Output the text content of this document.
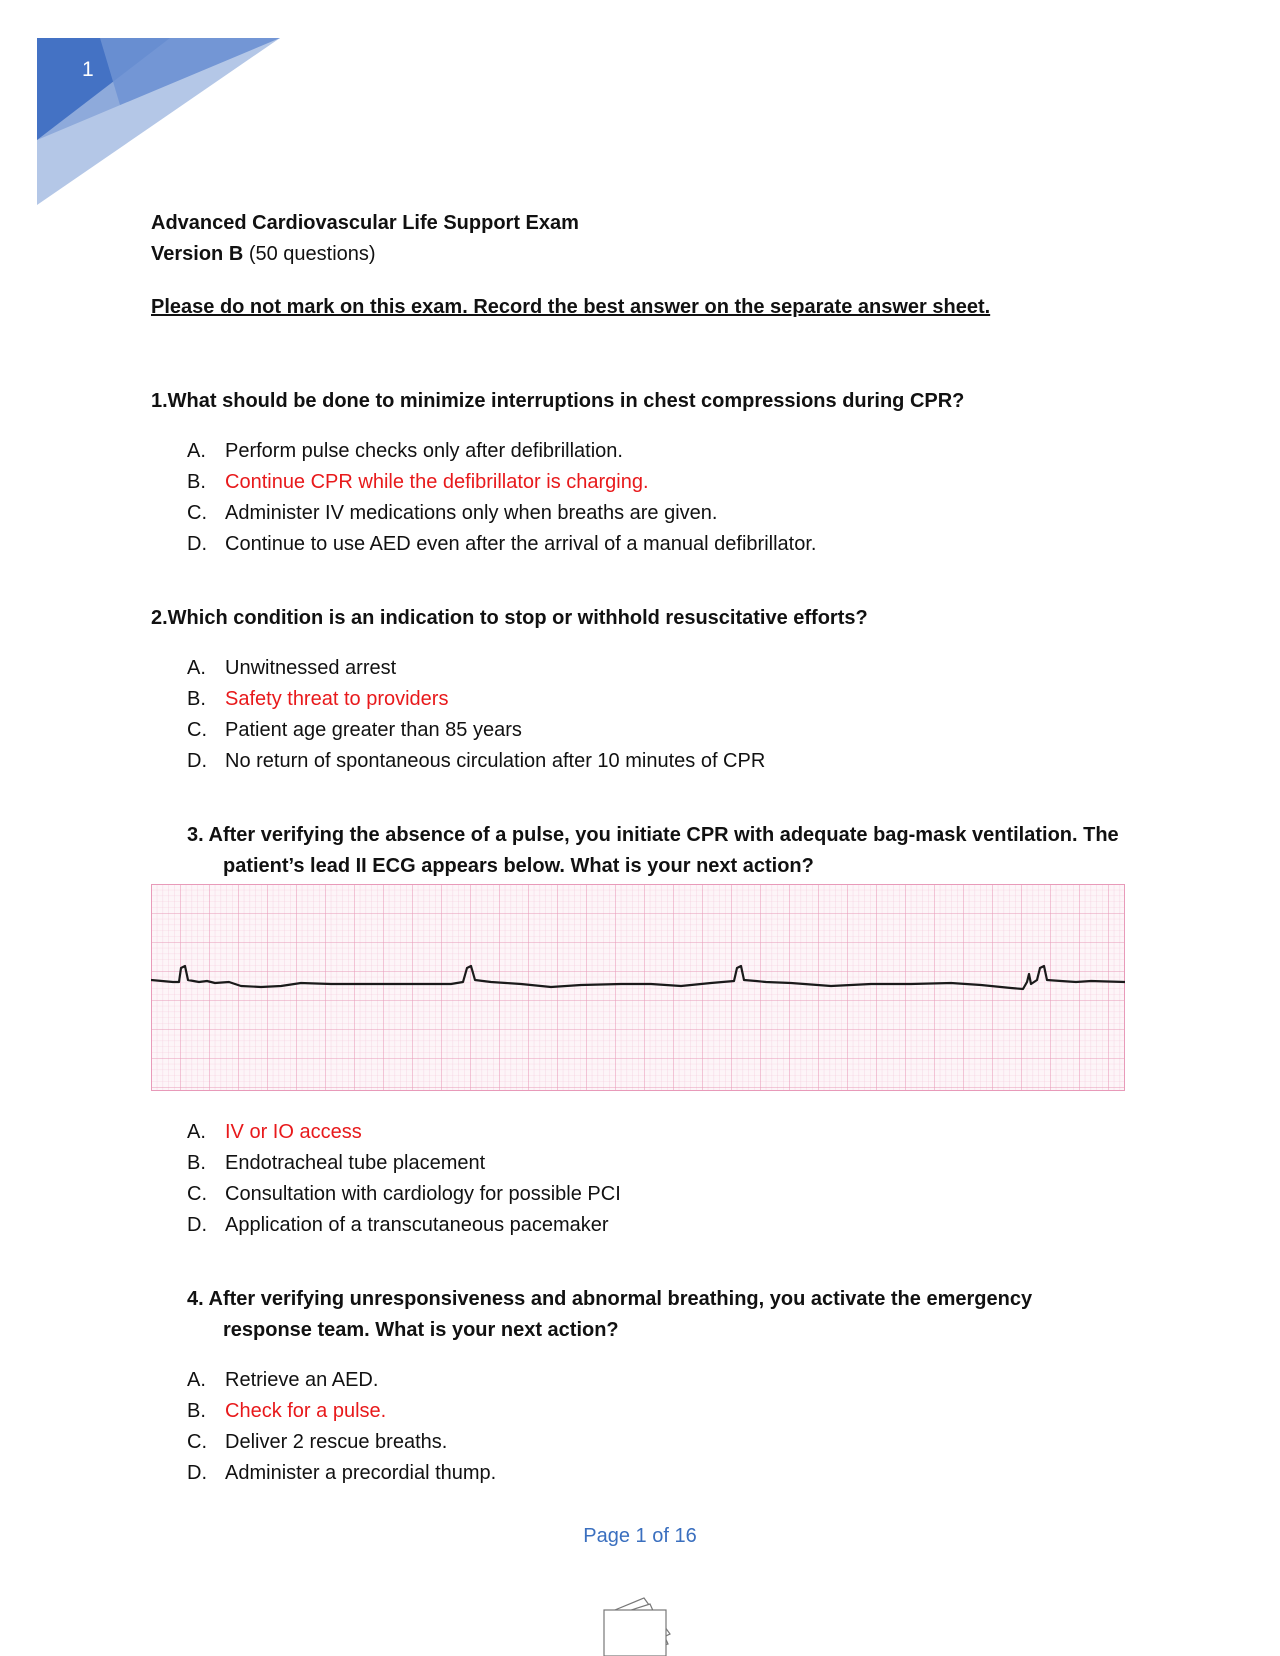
1
Advanced Cardiovascular Life Support Exam
Version B (50 questions)
Please do not mark on this exam. Record the best answer on the separate answer sheet.
1.What should be done to minimize interruptions in chest compressions during CPR?
A. Perform pulse checks only after defibrillation.
B. Continue CPR while the defibrillator is charging.
C. Administer IV medications only when breaths are given.
D. Continue to use AED even after the arrival of a manual defibrillator.
2.Which condition is an indication to stop or withhold resuscitative efforts?
A. Unwitnessed arrest
B. Safety threat to providers
C. Patient age greater than 85 years
D. No return of spontaneous circulation after 10 minutes of CPR
3. After verifying the absence of a pulse, you initiate CPR with adequate bag-mask ventilation. The
patient’s lead II ECG appears below. What is your next action?
A. IV or IO access
B. Endotracheal tube placement
C. Consultation with cardiology for possible PCI
D. Application of a transcutaneous pacemaker
4. After verifying unresponsiveness and abnormal breathing, you activate the emergency
response team. What is your next action?
A. Retrieve an AED.
B. Check for a pulse.
C. Deliver 2 rescue breaths.
D. Administer a precordial thump.
Page 1 of 16
